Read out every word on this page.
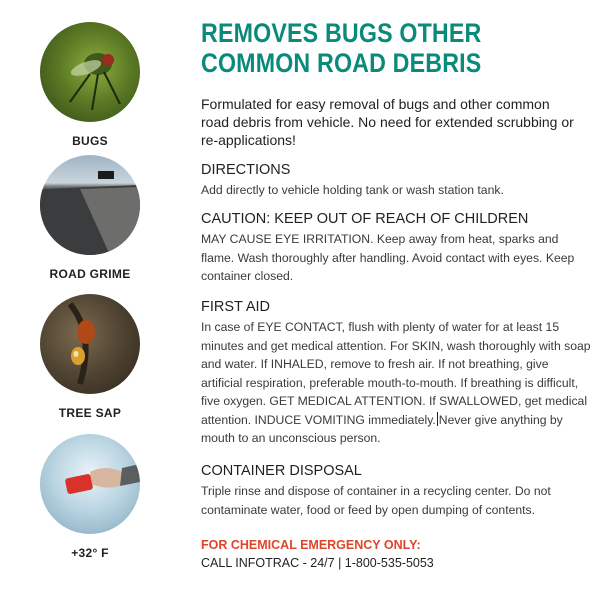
BUGS
ROAD GRIME
TREE SAP
+32° F

REMOVES BUGS OTHER

COMMON ROAD DEBRIS

Formulated for easy removal of bugs and other common road debris from vehicle. No need for extended scrubbing or re-applications!

DIRECTIONS

Add directly to vehicle holding tank or wash station tank.

CAUTION: KEEP OUT OF REACH OF CHILDREN

MAY CAUSE EYE IRRITATION. Keep away from heat, sparks and flame. Wash thoroughly after handling. Avoid contact with eyes. Keep container closed.

FIRST AID

In case of EYE CONTACT, flush with plenty of water for at least 15 minutes and get medical attention. For SKIN, wash thoroughly with soap and water. If INHALED, remove to fresh air. If not breathing, give artificial respiration, preferable mouth-to-mouth. If breathing is difficult, five oxygen. GET MEDICAL ATTENTION. If SWALLOWED, get medical attention. INDUCE VOMITING immediately. Never give anything by mouth to an unconscious person.

CONTAINER DISPOSAL

Triple rinse and dispose of container in a recycling center. Do not contaminate water, food or feed by open dumping of contents.

FOR CHEMICAL EMERGENCY ONLY:

CALL INFOTRAC - 24/7 | 1-800-535-5053
